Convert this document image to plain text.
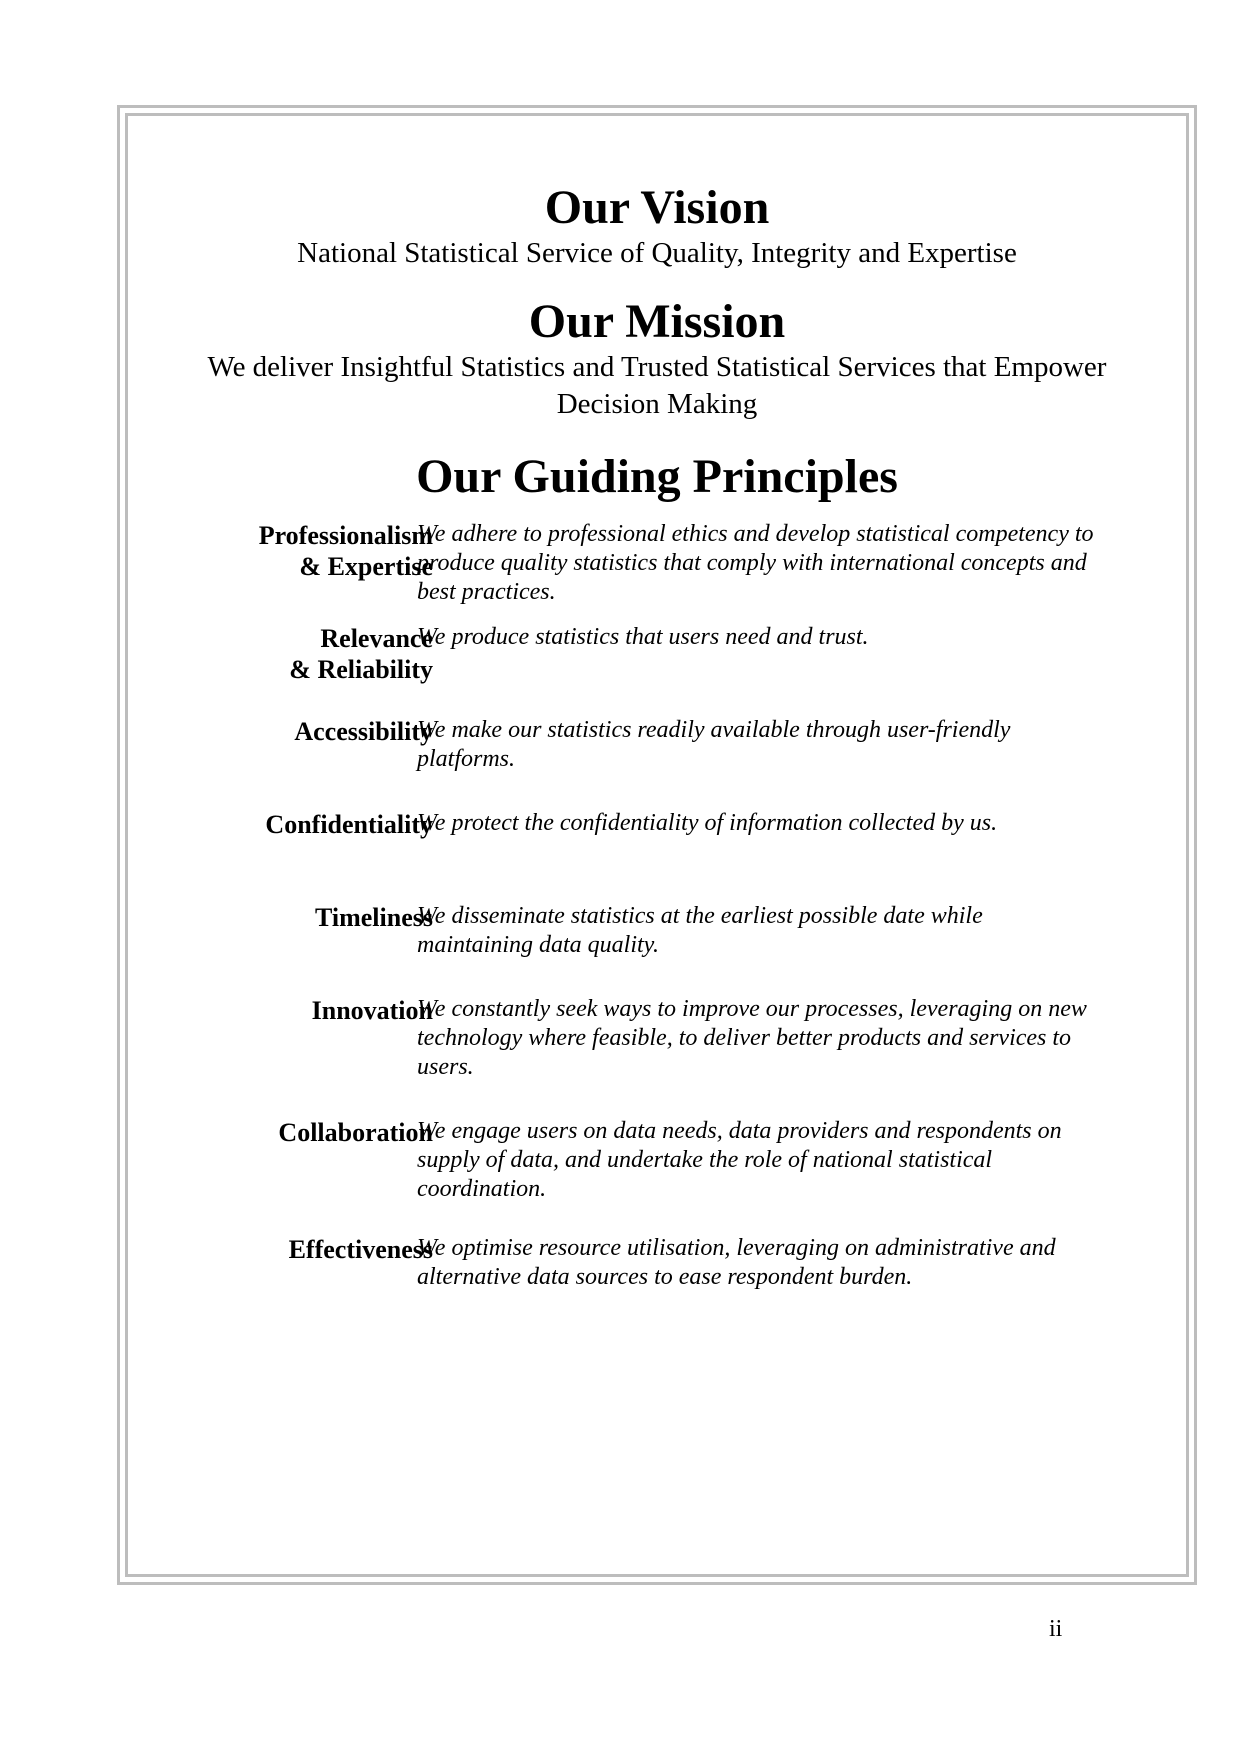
Our Vision

National Statistical Service of Quality, Integrity and Expertise

Our Mission

We deliver Insightful Statistics and Trusted Statistical Services that Empower Decision Making

Our Guiding Principles
Professionalism
& Expertise
We adhere to professional ethics and develop statistical competency to produce quality statistics that comply with international concepts and best practices.
Relevance
& Reliability
We produce statistics that users need and trust.
Accessibility
We make our statistics readily available through user-friendly platforms.
Confidentiality
We protect the confidentiality of information collected by us.
Timeliness
We disseminate statistics at the earliest possible date while maintaining data quality.
Innovation
We constantly seek ways to improve our processes, leveraging on new technology where feasible, to deliver better products and services to users.
Collaboration
We engage users on data needs, data providers and respondents on supply of data, and undertake the role of national statistical coordination.
Effectiveness
We optimise resource utilisation, leveraging on administrative and alternative data sources to ease respondent burden.
ii
